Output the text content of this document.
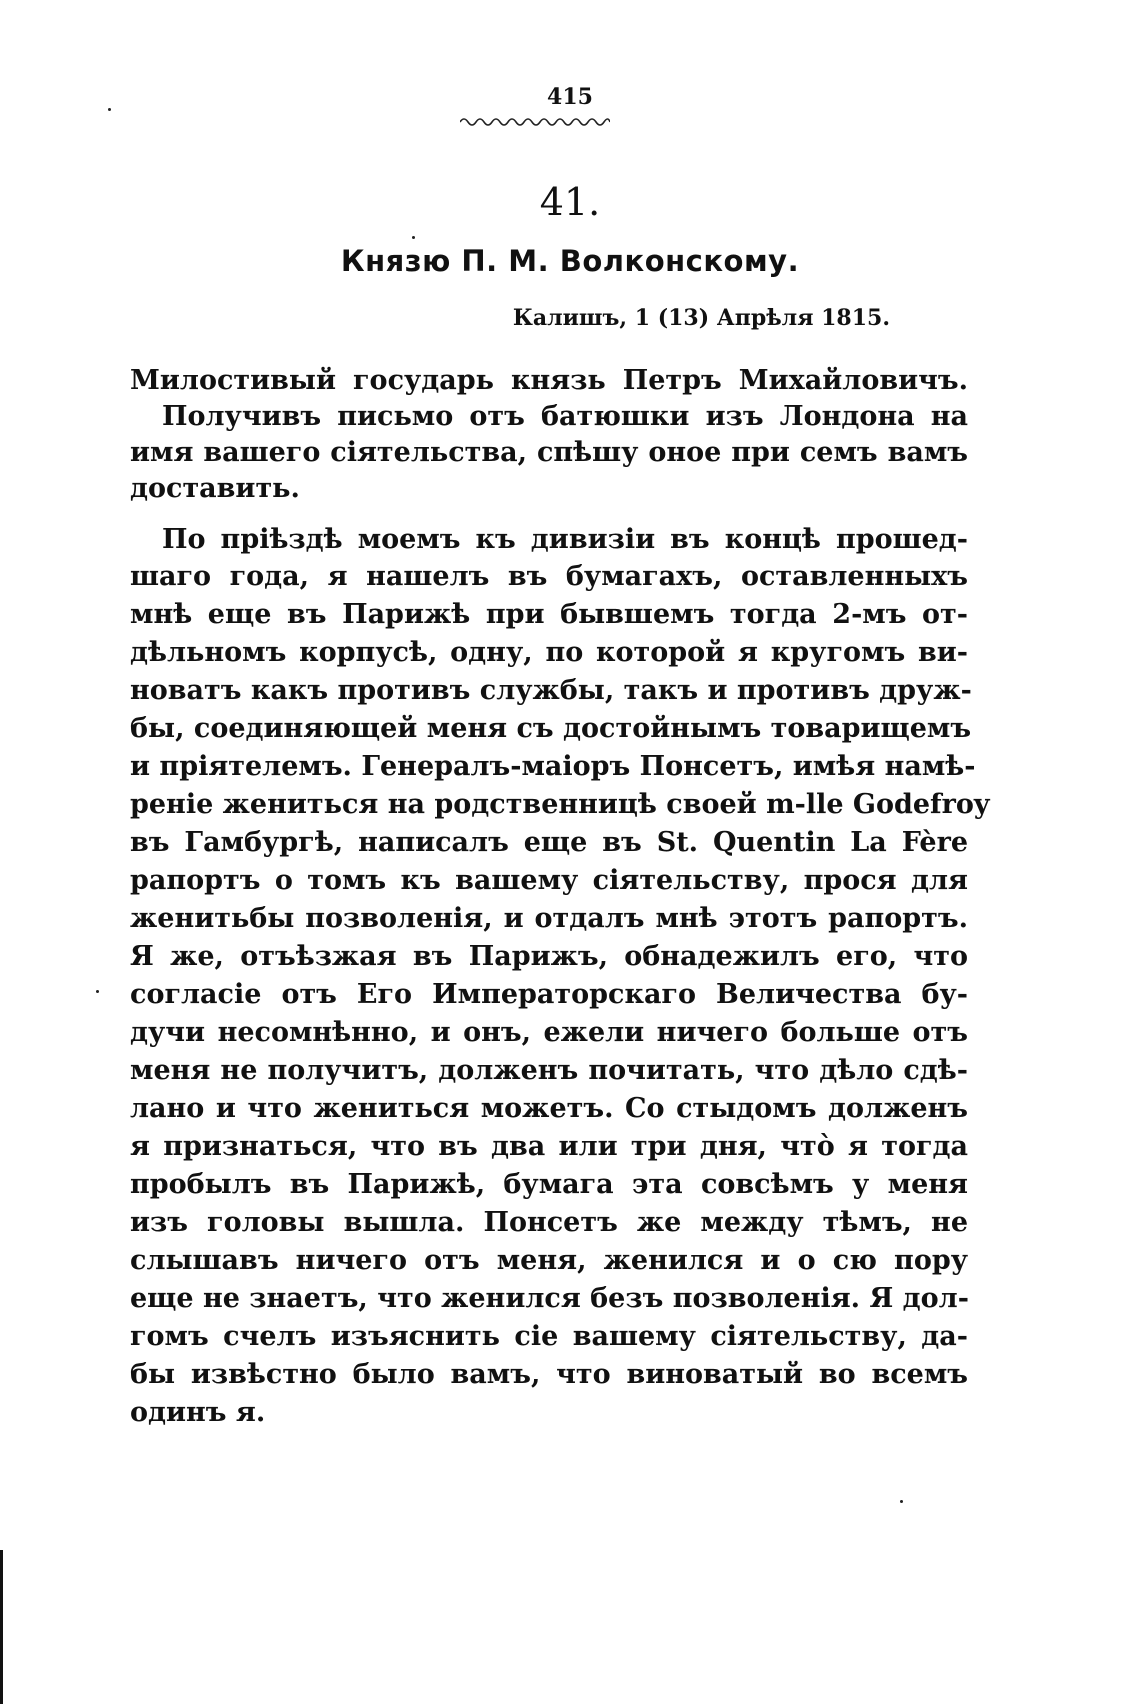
415
41.
Князю П. М. Волконскому.
Калишъ, 1 (13) Апрѣля 1815.
Милостивый государь князь Петръ Михайловичъ.
Получивъ письмо отъ батюшки изъ Лондона на
имя вашего сіятельства, спѣшу оное при семъ вамъ
доставить.
По пріѣздѣ моемъ къ дивизіи въ концѣ прошед-
шаго года, я нашелъ въ бумагахъ, оставленныхъ
мнѣ еще въ Парижѣ при бывшемъ тогда 2-мъ от-
дѣльномъ корпусѣ, одну, по которой я кругомъ ви-
новатъ какъ противъ службы, такъ и противъ друж-
бы, соединяющей меня съ достойнымъ товарищемъ
и пріятелемъ. Генералъ-маіоръ Понсетъ, имѣя намѣ-
реніе жениться на родственницѣ своей m-lle Godefroy
въ Гамбургѣ, написалъ еще въ St. Quentin La Fère
рапортъ о томъ къ вашему сіятельству, прося для
женитьбы позволенія, и отдалъ мнѣ этотъ рапортъ.
Я же, отъѣзжая въ Парижъ, обнадежилъ его, что
согласіе отъ Его Императорскаго Величества бу-
дучи несомнѣнно, и онъ, ежели ничего больше отъ
меня не получитъ, долженъ почитать, что дѣло сдѣ-
лано и что жениться можетъ. Со стыдомъ долженъ
я признаться, что въ два или три дня, что̀ я тогда
пробылъ въ Парижѣ, бумага эта совсѣмъ у меня
изъ головы вышла. Понсетъ же между тѣмъ, не
слышавъ ничего отъ меня, женился и о сю пору
еще не знаетъ, что женился безъ позволенія. Я дол-
гомъ счелъ изъяснить сіе вашему сіятельству, да-
бы извѣстно было вамъ, что виноватый во всемъ
одинъ я.
